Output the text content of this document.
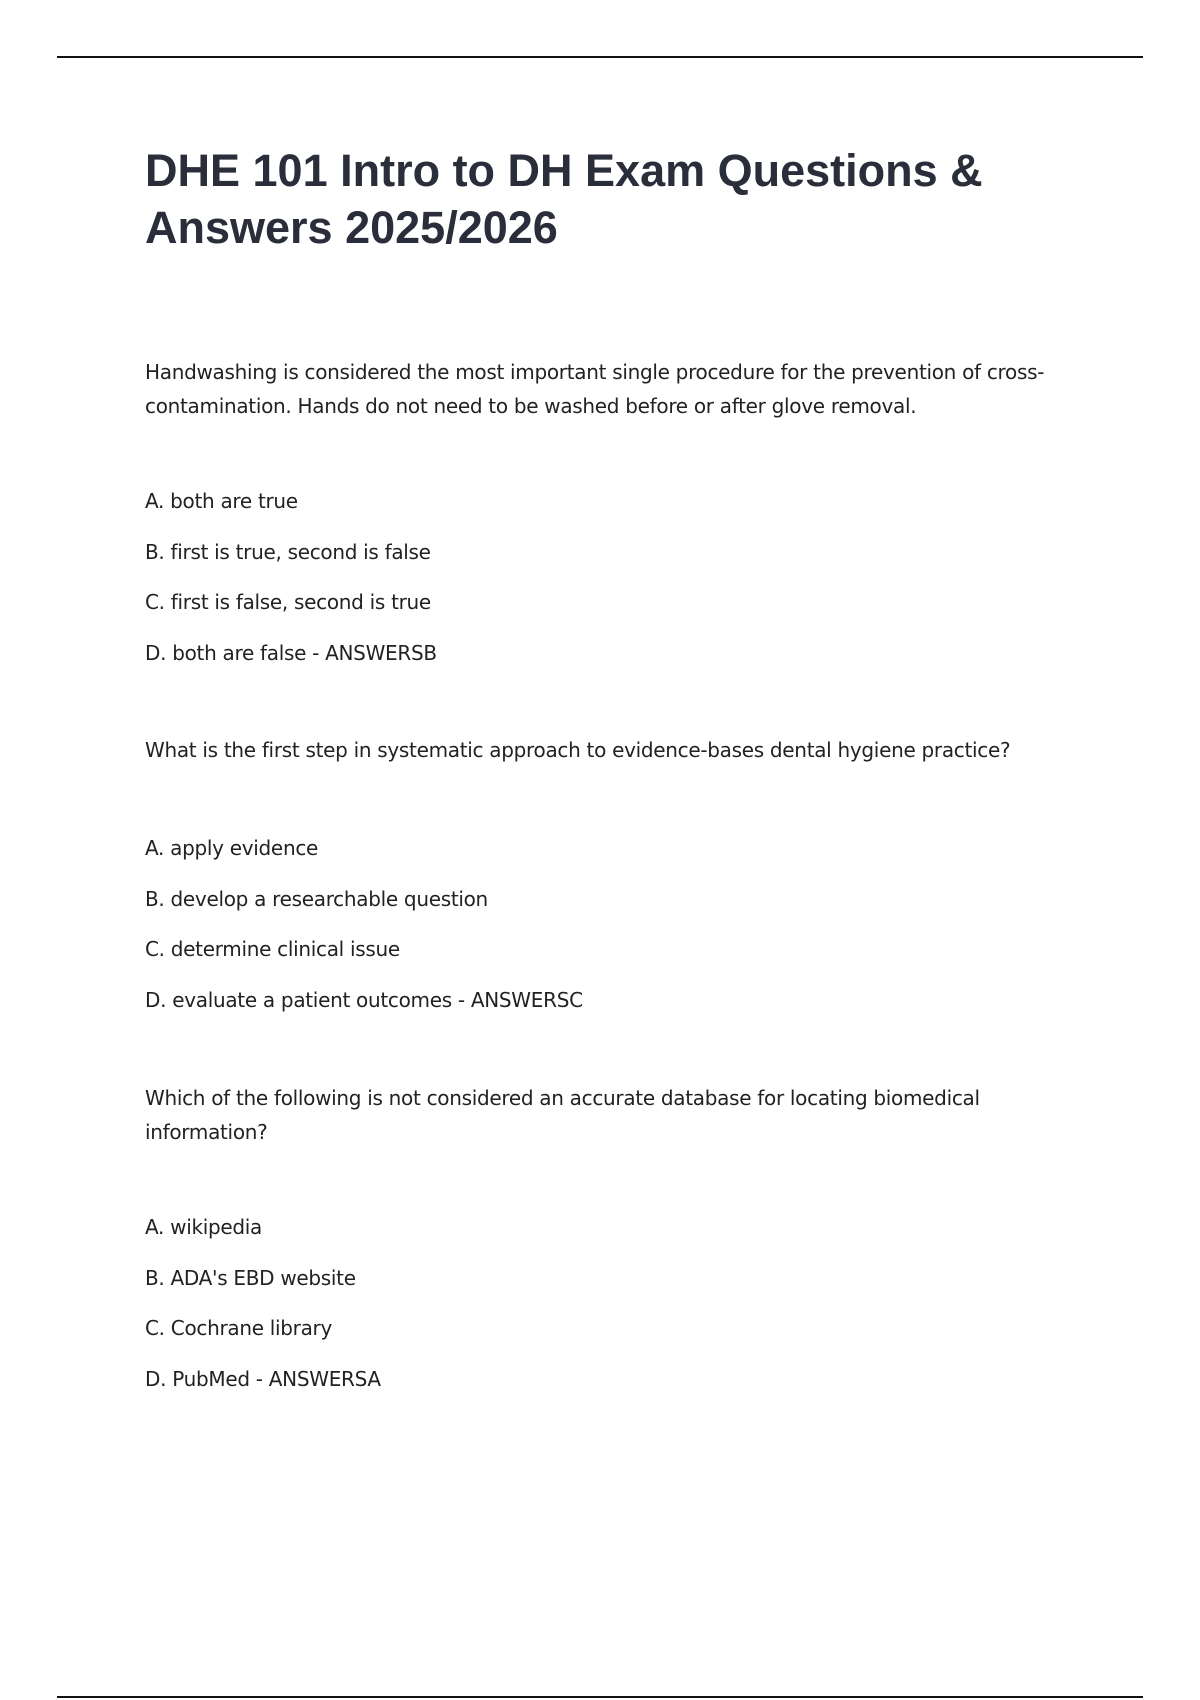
DHE 101 Intro to DH Exam Questions & Answers 2025/2026

Handwashing is considered the most important single procedure for the prevention of cross-contamination. Hands do not need to be washed before or after glove removal.

A. both are true
B. first is true, second is false
C. first is false, second is true
D. both are false - ANSWERSB

What is the first step in systematic approach to evidence-bases dental hygiene practice?

A. apply evidence
B. develop a researchable question
C. determine clinical issue
D. evaluate a patient outcomes - ANSWERSC

Which of the following is not considered an accurate database for locating biomedical information?

A. wikipedia
B. ADA's EBD website
C. Cochrane library
D. PubMed - ANSWERSA
